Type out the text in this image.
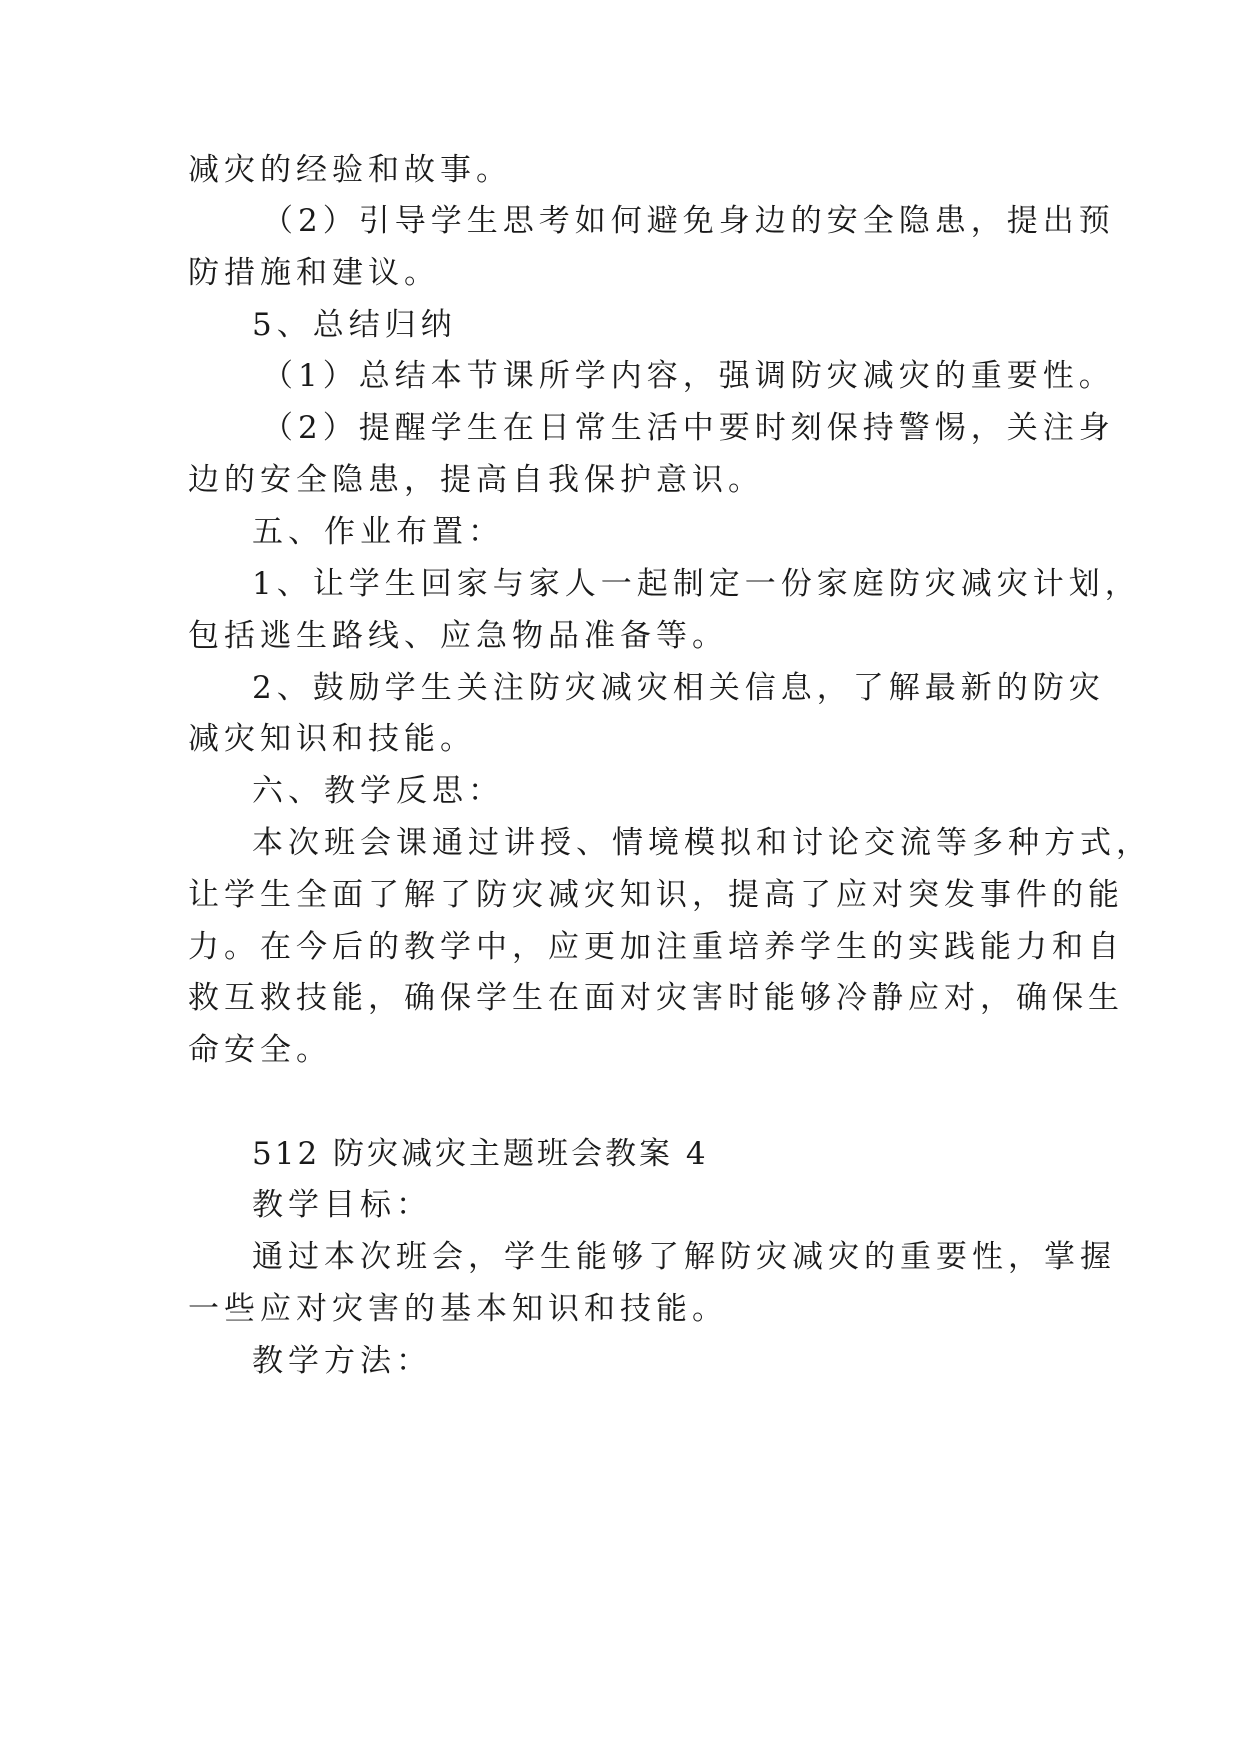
减灾的经验和故事。
（2）引导学生思考如何避免身边的安全隐患，提出预
防措施和建议。
5、总结归纳
（1）总结本节课所学内容，强调防灾减灾的重要性。
（2）提醒学生在日常生活中要时刻保持警惕，关注身
边的安全隐患，提高自我保护意识。
五、作业布置：
1、让学生回家与家人一起制定一份家庭防灾减灾计划，
包括逃生路线、应急物品准备等。
2、鼓励学生关注防灾减灾相关信息，了解最新的防灾
减灾知识和技能。
六、教学反思：
本次班会课通过讲授、情境模拟和讨论交流等多种方式，
让学生全面了解了防灾减灾知识，提高了应对突发事件的能
力。在今后的教学中，应更加注重培养学生的实践能力和自
救互救技能，确保学生在面对灾害时能够冷静应对，确保生
命安全。
512 防灾减灾主题班会教案 4
教学目标：
通过本次班会，学生能够了解防灾减灾的重要性，掌握
一些应对灾害的基本知识和技能。
教学方法：
